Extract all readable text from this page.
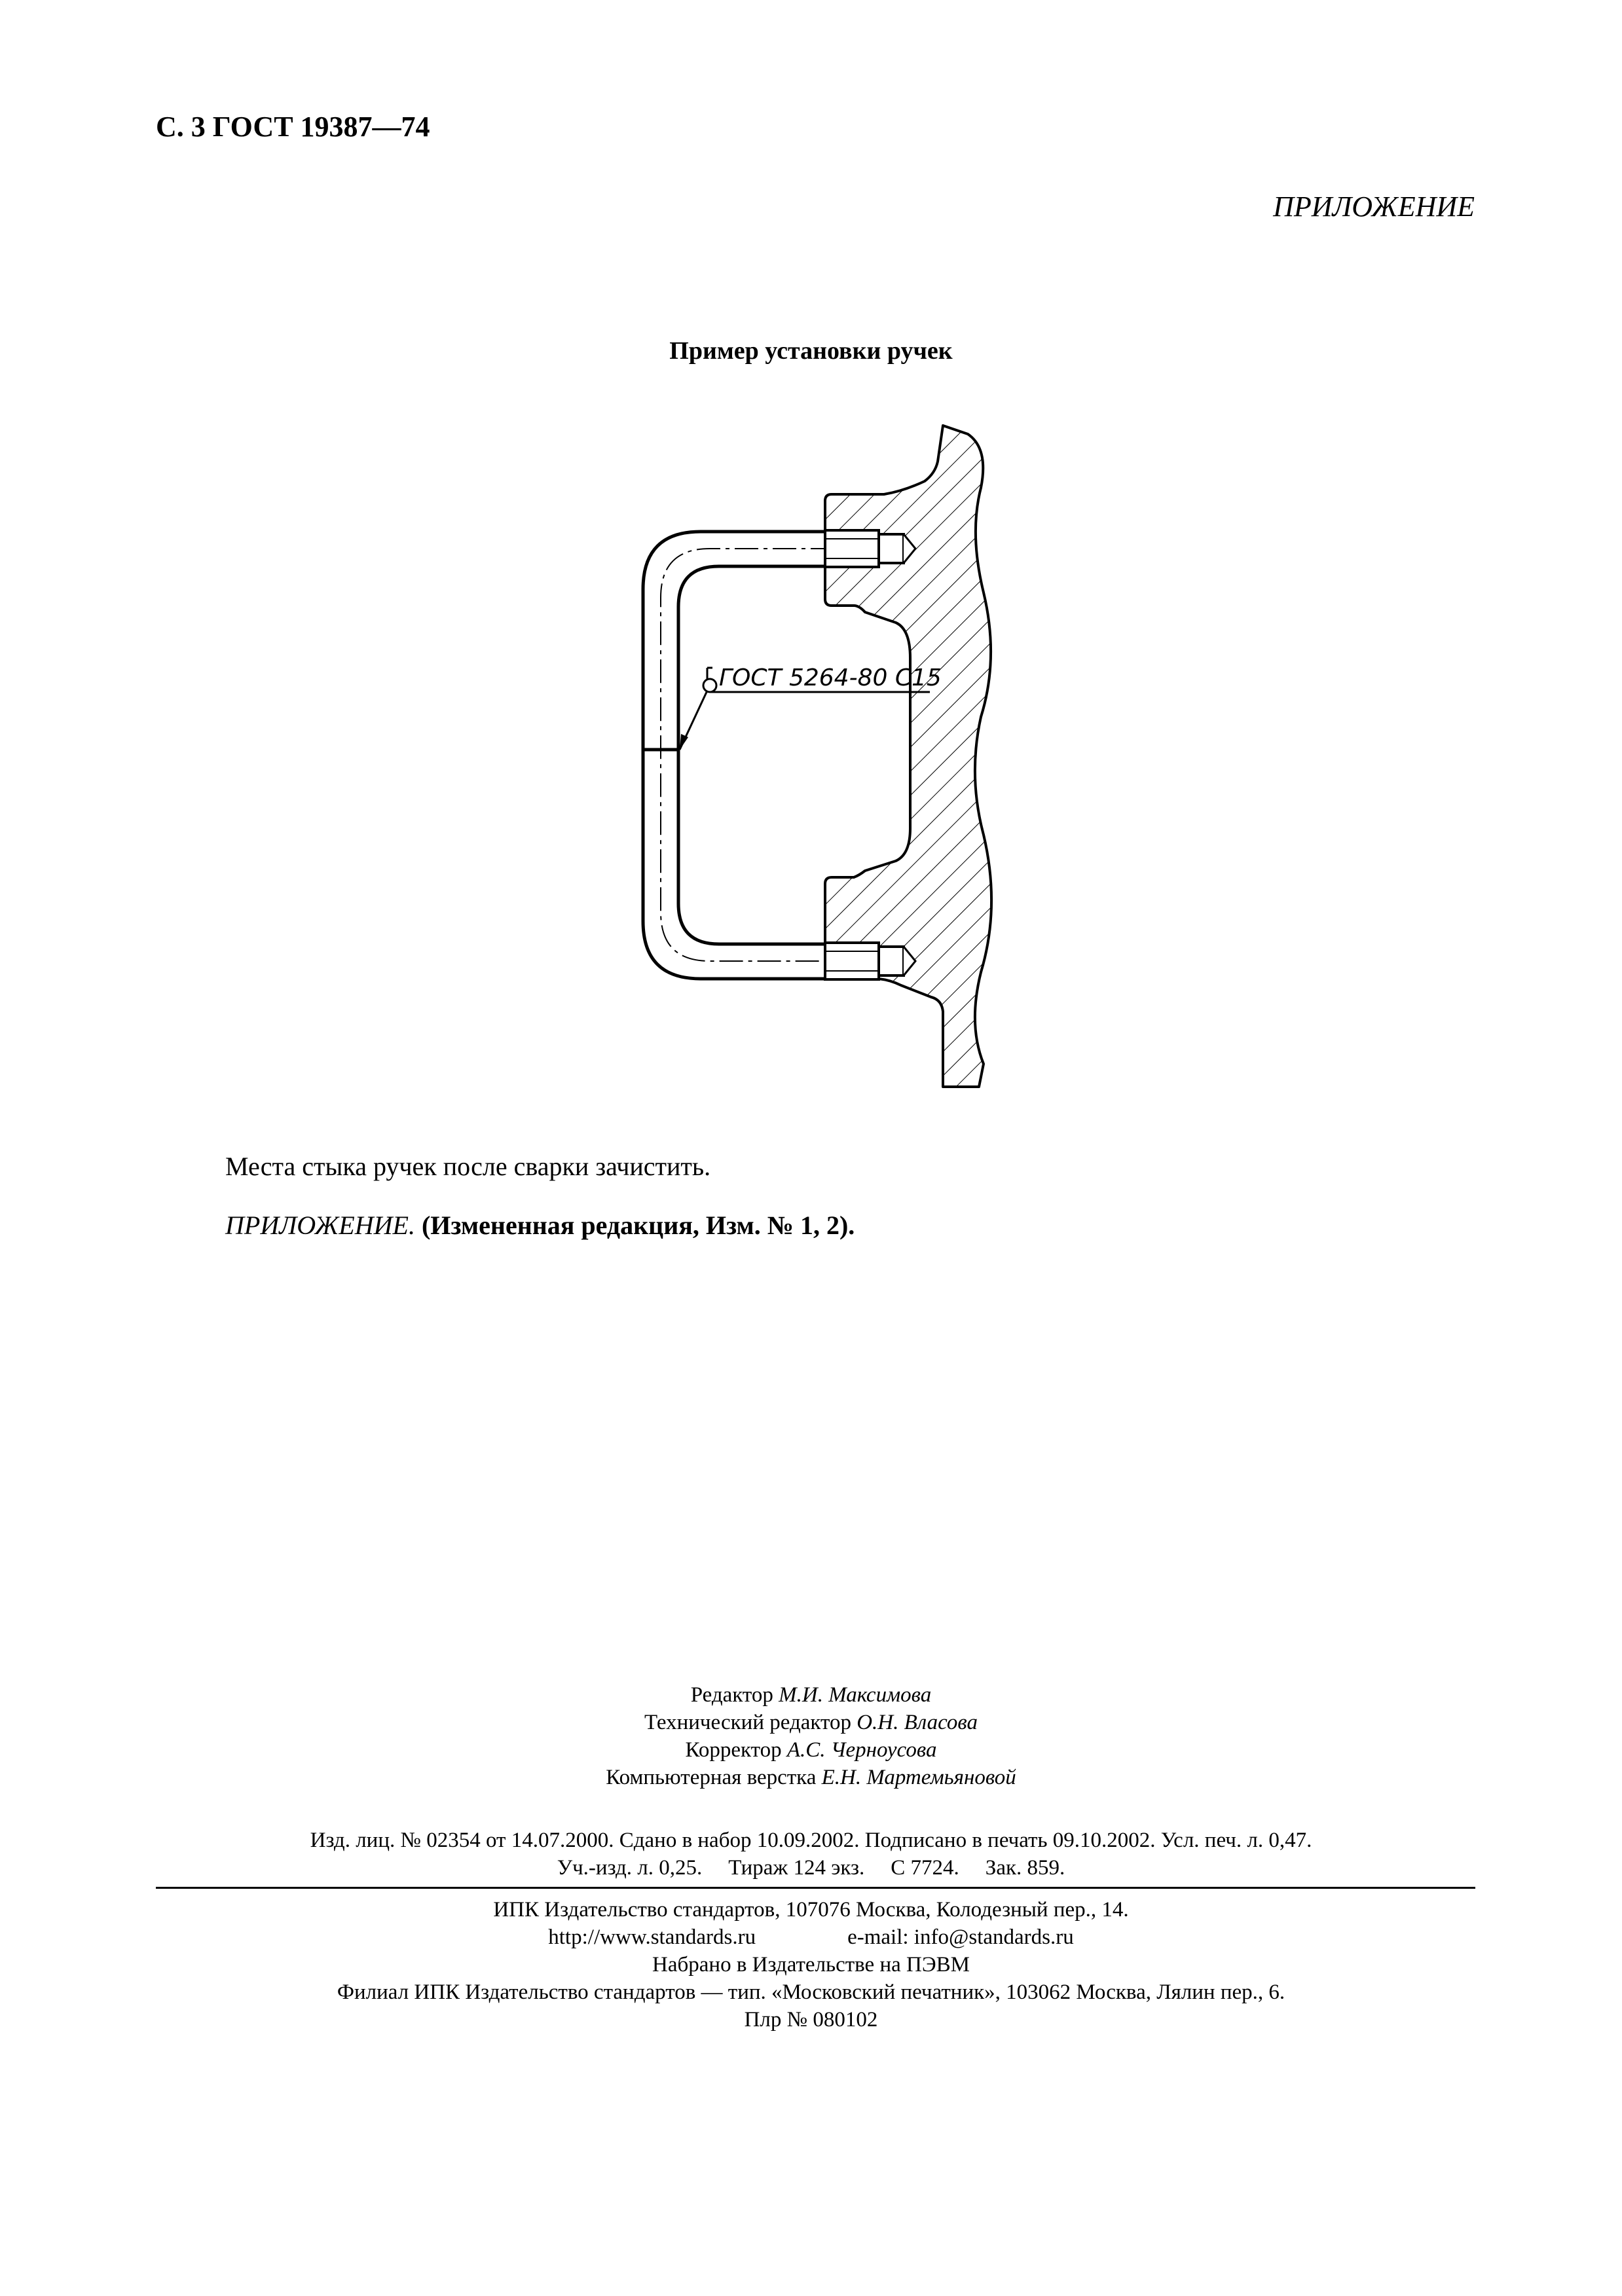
С. 3 ГОСТ 19387—74
ПРИЛОЖЕНИЕ
Пример установки ручек
ГОСТ 5264-80 С15
Места стыка ручек после сварки зачистить.
ПРИЛОЖЕНИЕ. (Измененная редакция, Изм. № 1, 2).
Редактор М.И. Максимова
Технический редактор О.Н. Власова
Корректор А.С. Черноусова
Компьютерная верстка Е.Н. Мартемьяновой
Изд. лиц. № 02354 от 14.07.2000. Сдано в набор 10.09.2002. Подписано в печать 09.10.2002. Усл. печ. л. 0,47.
Уч.-изд. л. 0,25. Тираж 124 экз. С 7724. Зак. 859.
ИПК Издательство стандартов, 107076 Москва, Колодезный пер., 14.
http://www.standards.ru	e-mail: info@standards.ru
Набрано в Издательстве на ПЭВМ
Филиал ИПК Издательство стандартов — тип. «Московский печатник», 103062 Москва, Лялин пер., 6.
Плр № 080102
